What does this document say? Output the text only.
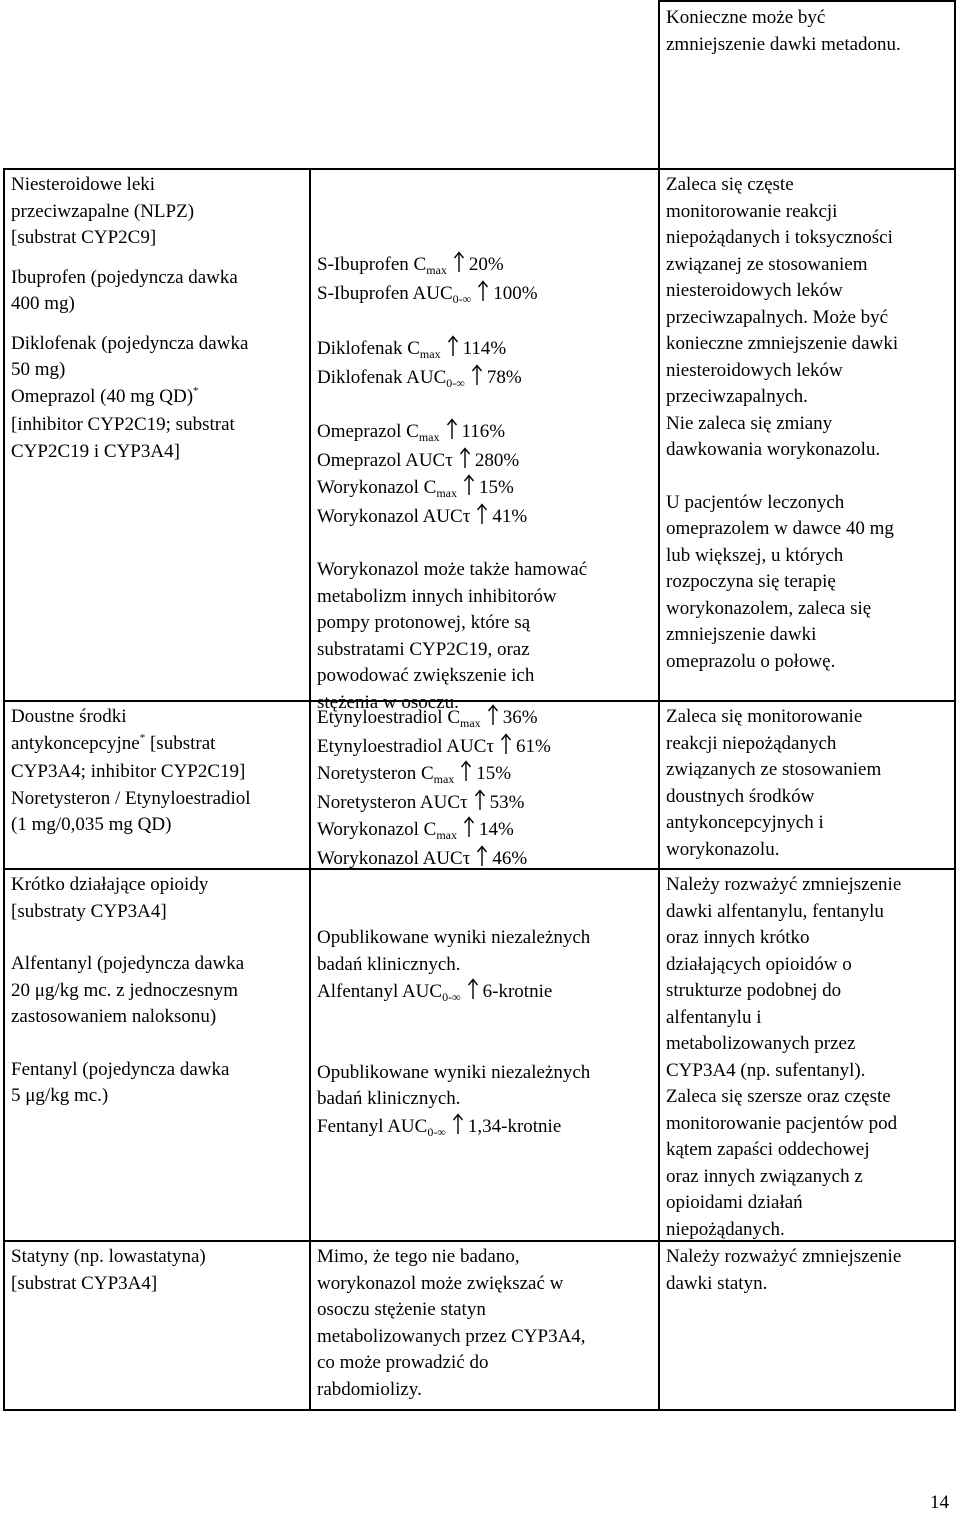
Konieczne może być
zmniejszenie dawki metadonu.
Niesteroidowe leki
przeciwzapalne (NLPZ)
[substrat CYP2C9]
Ibuprofen (pojedyncza dawka
400 mg)
Diklofenak (pojedyncza dawka
50 mg)
Omeprazol (40 mg QD)*
[inhibitor CYP2C19; substrat
CYP2C19 i CYP3A4]
S-Ibuprofen $C_{max}$ 20%
S-Ibuprofen $AUC_{0-\infty}$ 100%
Diklofenak $C_{max}$ 114%
Diklofenak $AUC_{0-\infty}$ 78%
Omeprazol $C_{max}$ 116%
Omeprazol AUCτ 280%
Worykonazol $C_{max}$ 15%
Worykonazol AUCτ 41%
Worykonazol może także hamować
metabolizm innych inhibitorów
pompy protonowej, które są
substratami CYP2C19, oraz
powodować zwiększenie ich
stężenia w osoczu.
Zaleca się częste
monitorowanie reakcji
niepożądanych i toksyczności
związanej ze stosowaniem
niesteroidowych leków
przeciwzapalnych. Może być
konieczne zmniejszenie dawki
niesteroidowych leków
przeciwzapalnych.
Nie zaleca się zmiany
dawkowania worykonazolu.
U pacjentów leczonych
omeprazolem w dawce 40 mg
lub większej, u których
rozpoczyna się terapię
worykonazolem, zaleca się
zmniejszenie dawki
omeprazolu o połowę.
Doustne środki
antykoncepcyjne* [substrat
CYP3A4; inhibitor CYP2C19]
Noretysteron / Etynyloestradiol
(1 mg/0,035 mg QD)
Etynyloestradiol $C_{max}$ 36%
Etynyloestradiol AUCτ 61%
Noretysteron $C_{max}$ 15%
Noretysteron AUCτ 53%
Worykonazol $C_{max}$ 14%
Worykonazol AUCτ 46%
Zaleca się monitorowanie
reakcji niepożądanych
związanych ze stosowaniem
doustnych środków
antykoncepcyjnych i
worykonazolu.
Krótko działające opioidy
[substraty CYP3A4]
Alfentanyl (pojedyncza dawka
20 μg/kg mc. z jednoczesnym
zastosowaniem naloksonu)
Fentanyl (pojedyncza dawka
5 μg/kg mc.)
Opublikowane wyniki niezależnych
badań klinicznych.
Alfentanyl $AUC_{0-\infty}$ 6-krotnie
Opublikowane wyniki niezależnych
badań klinicznych.
Fentanyl $AUC_{0-\infty}$ 1,34-krotnie
Należy rozważyć zmniejszenie
dawki alfentanylu, fentanylu
oraz innych krótko
działających opioidów o
strukturze podobnej do
alfentanylu i
metabolizowanych przez
CYP3A4 (np. sufentanyl).
Zaleca się szersze oraz częste
monitorowanie pacjentów pod
kątem zapaści oddechowej
oraz innych związanych z
opioidami działań
niepożądanych.
Statyny (np. lowastatyna)
[substrat CYP3A4]
Mimo, że tego nie badano,
worykonazol może zwiększać w
osoczu stężenie statyn
metabolizowanych przez CYP3A4,
co może prowadzić do
rabdomiolizy.
Należy rozważyć zmniejszenie
dawki statyn.
14
